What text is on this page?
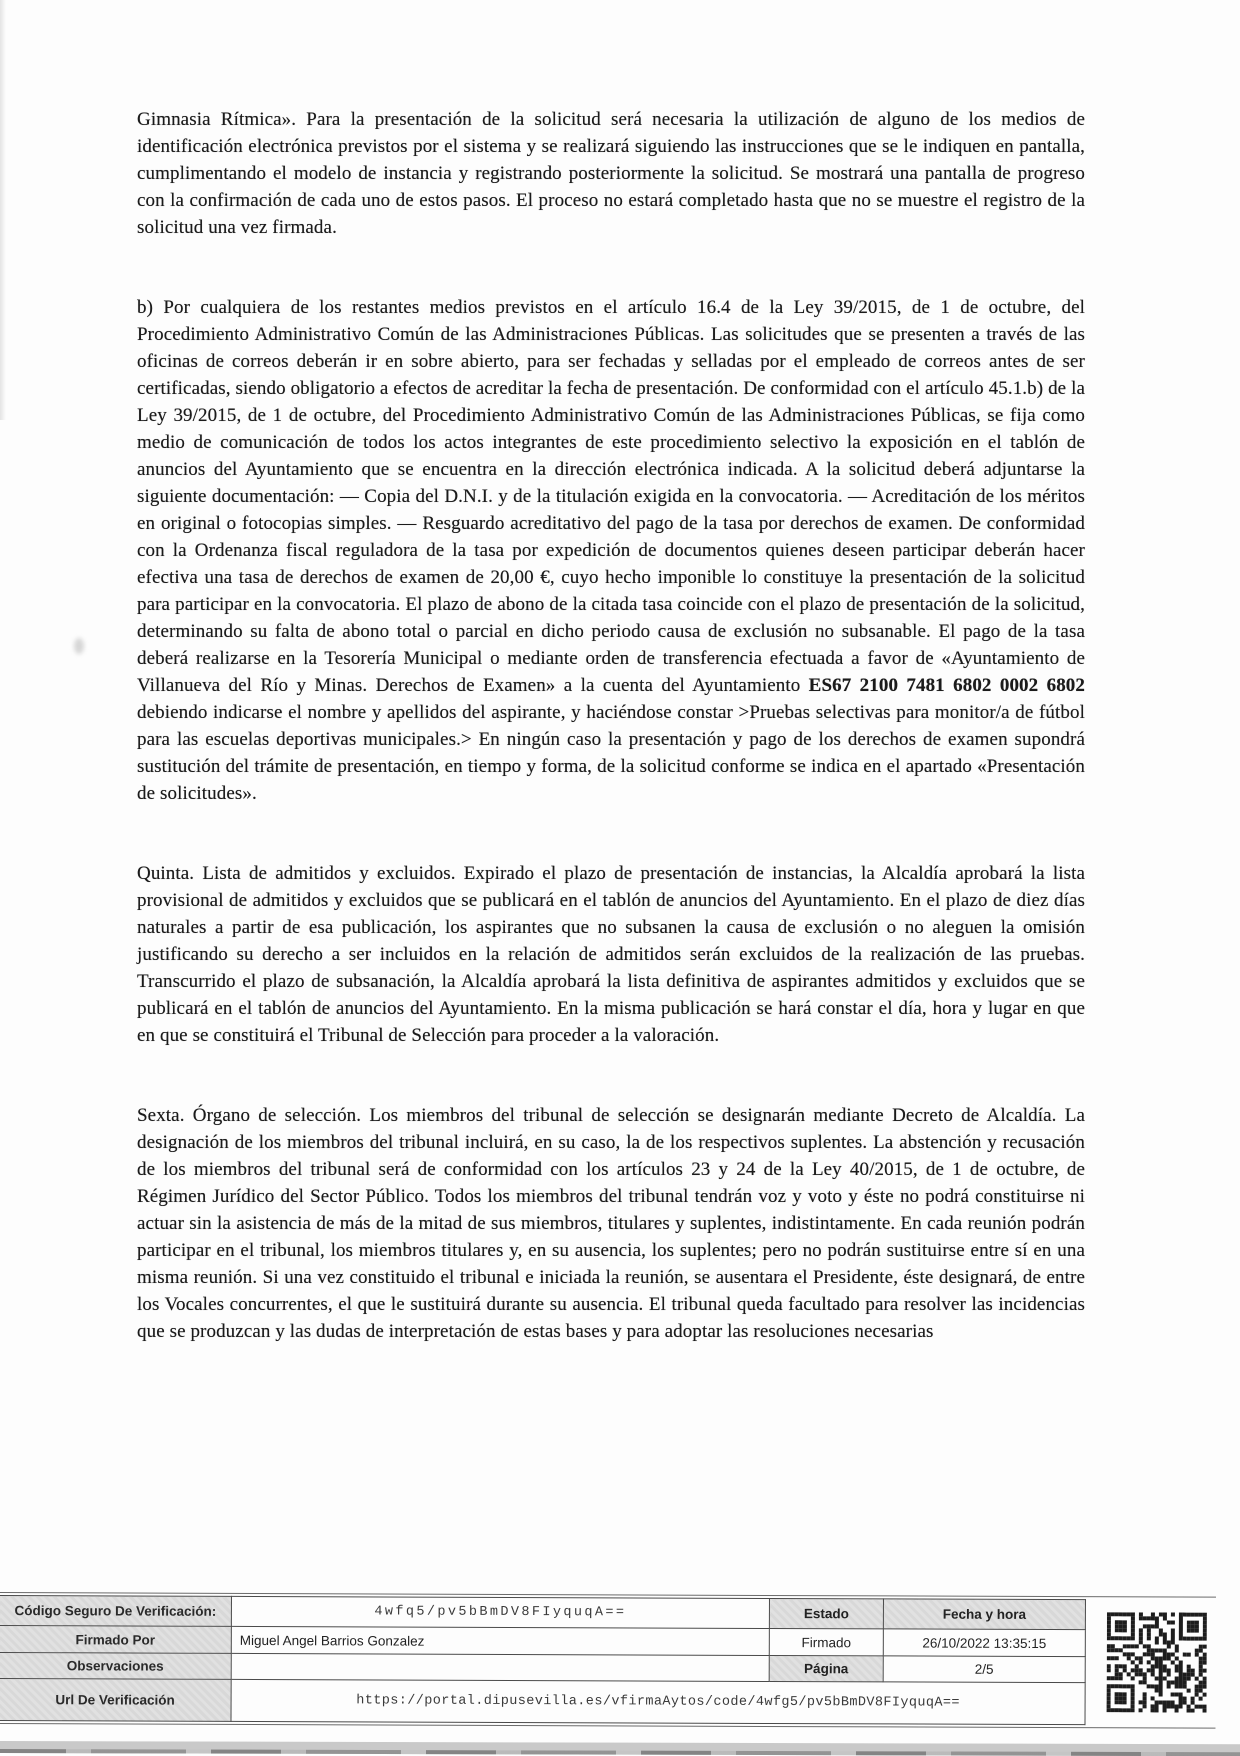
Gimnasia Rítmica». Para la presentación de la solicitud será necesaria la utilización de alguno de los medios de identificación electrónica previstos por el sistema y se realizará siguiendo las instrucciones que se le indiquen en pantalla, cumplimentando el modelo de instancia y registrando posteriormente la solicitud. Se mostrará una pantalla de progreso con la confirmación de cada uno de estos pasos. El proceso no estará completado hasta que no se muestre el registro de la solicitud una vez firmada.

b) Por cualquiera de los restantes medios previstos en el artículo 16.4 de la Ley 39/2015, de 1 de octubre, del Procedimiento Administrativo Común de las Administraciones Públicas. Las solicitudes que se presenten a través de las oficinas de correos deberán ir en sobre abierto, para ser fechadas y selladas por el empleado de correos antes de ser certificadas, siendo obligatorio a efectos de acreditar la fecha de presentación. De conformidad con el artículo 45.1.b) de la Ley 39/2015, de 1 de octubre, del Procedimiento Administrativo Común de las Administraciones Públicas, se fija como medio de comunicación de todos los actos integrantes de este procedimiento selectivo la exposición en el tablón de anuncios del Ayuntamiento que se encuentra en la dirección electrónica indicada. A la solicitud deberá adjuntarse la siguiente documentación: — Copia del D.N.I. y de la titulación exigida en la convocatoria. — Acreditación de los méritos en original o fotocopias simples. — Resguardo acreditativo del pago de la tasa por derechos de examen. De conformidad con la Ordenanza fiscal reguladora de la tasa por expedición de documentos quienes deseen participar deberán hacer efectiva una tasa de derechos de examen de 20,00 €, cuyo hecho imponible lo constituye la presentación de la solicitud para participar en la convocatoria. El plazo de abono de la citada tasa coincide con el plazo de presentación de la solicitud, determinando su falta de abono total o parcial en dicho periodo causa de exclusión no subsanable. El pago de la tasa deberá realizarse en la Tesorería Municipal o mediante orden de transferencia efectuada a favor de «Ayuntamiento de Villanueva del Río y Minas. Derechos de Examen» a la cuenta del Ayuntamiento ES67 2100 7481 6802 0002 6802 debiendo indicarse el nombre y apellidos del aspirante, y haciéndose constar >Pruebas selectivas para monitor/a de fútbol para las escuelas deportivas municipales.> En ningún caso la presentación y pago de los derechos de examen supondrá sustitución del trámite de presentación, en tiempo y forma, de la solicitud conforme se indica en el apartado «Presentación de solicitudes».

Quinta. Lista de admitidos y excluidos. Expirado el plazo de presentación de instancias, la Alcaldía aprobará la lista provisional de admitidos y excluidos que se publicará en el tablón de anuncios del Ayuntamiento. En el plazo de diez días naturales a partir de esa publicación, los aspirantes que no subsanen la causa de exclusión o no aleguen la omisión justificando su derecho a ser incluidos en la relación de admitidos serán excluidos de la realización de las pruebas. Transcurrido el plazo de subsanación, la Alcaldía aprobará la lista definitiva de aspirantes admitidos y excluidos que se publicará en el tablón de anuncios del Ayuntamiento. En la misma publicación se hará constar el día, hora y lugar en que en que se constituirá el Tribunal de Selección para proceder a la valoración.

Sexta. Órgano de selección. Los miembros del tribunal de selección se designarán mediante Decreto de Alcaldía. La designación de los miembros del tribunal incluirá, en su caso, la de los respectivos suplentes. La abstención y recusación de los miembros del tribunal será de conformidad con los artículos 23 y 24 de la Ley 40/2015, de 1 de octubre, de Régimen Jurídico del Sector Público. Todos los miembros del tribunal tendrán voz y voto y éste no podrá constituirse ni actuar sin la asistencia de más de la mitad de sus miembros, titulares y suplentes, indistintamente. En cada reunión podrán participar en el tribunal, los miembros titulares y, en su ausencia, los suplentes; pero no podrán sustituirse entre sí en una misma reunión. Si una vez constituido el tribunal e iniciada la reunión, se ausentara el Presidente, éste designará, de entre los Vocales concurrentes, el que le sustituirá durante su ausencia. El tribunal queda facultado para resolver las incidencias que se produzcan y las dudas de interpretación de estas bases y para adoptar las resoluciones necesarias

Código Seguro De Verificación:	4wfq5/pv5bBmDV8FIyquqA==	Estado	Fecha y hora
Firmado Por	Miguel Angel Barrios Gonzalez	Firmado	26/10/2022 13:35:15
Observaciones		Página	2/5
Url De Verificación	https://portal.dipusevilla.es/vfirmaAytos/code/4wfg5/pv5bBmDV8FIyquqA==		
